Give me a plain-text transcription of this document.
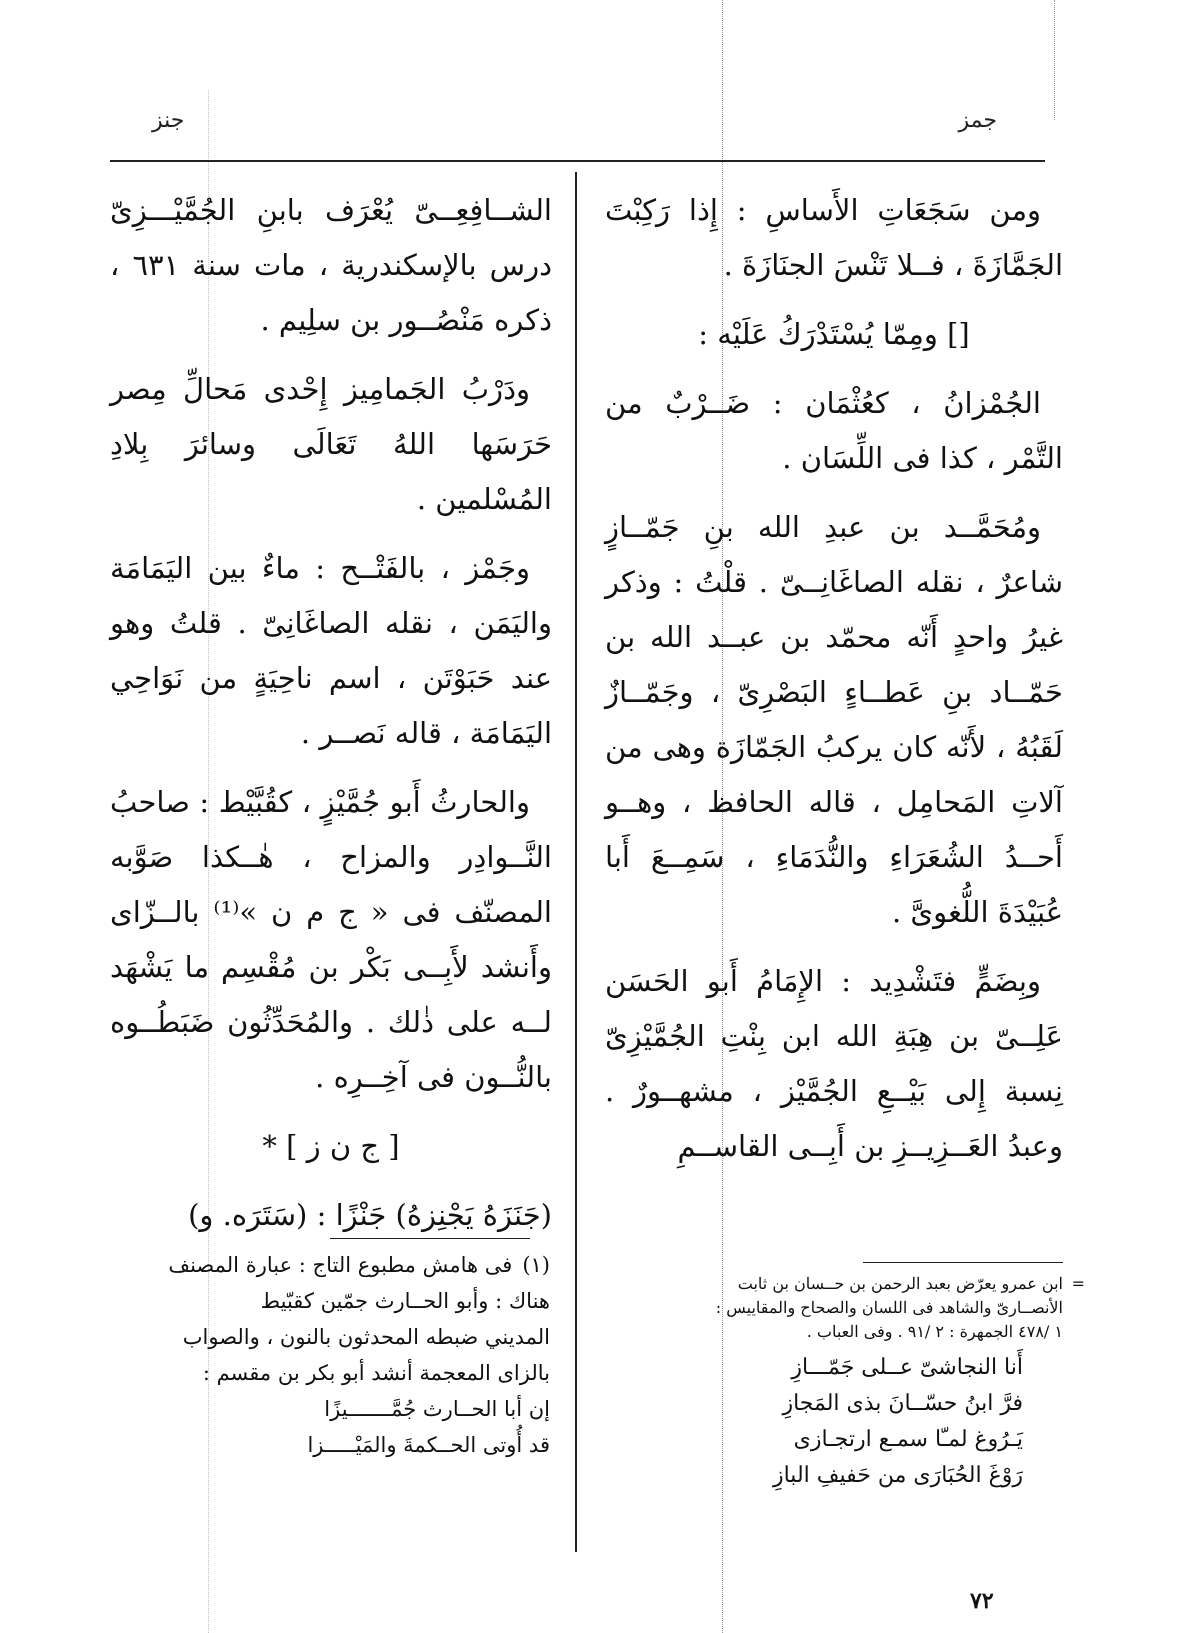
جمز
جنز

ومن سَجَعَاتِ الأَساسِ : إِذا رَكِبْتَ الجَمَّازَةَ ، فــلا تَنْسَ الجنَازَةَ .

[] ومِمّا يُسْتَدْرَكُ عَلَيْه :

الجُمْزانُ ، كعُثْمَان : ضَــرْبٌ من التَّمْر ، كذا فى اللِّسَان .

ومُحَمَّــد بن عبدِ الله بنِ جَمّــازٍ شاعرٌ ، نقله الصاغَانِــىّ . قلْتُ : وذكر غيرُ واحدٍ أَنّه محمّد بن عبــد الله بن حَمّــاد بنِ عَطــاءٍ البَصْرِىّ ، وجَمّــازٌ لَقَبُهُ ، لأَنّه كان يركبُ الجَمّازَة وهى من آلاتِ المَحامِل ، قاله الحافظ ، وهــو أَحــدُ الشُعَرَاءِ والنُّدَمَاءِ ، سَمِــعَ أَبا عُبَيْدَةَ اللُّغوىَّ .

وبِضَمٍّ فتَشْدِيد : الإِمَامُ أَبو الحَسَن عَلِــىّ بن هِبَةِ الله ابن بِنْتِ الجُمَّيْزِىّ نِسبة إِلى بَيْــعِ الجُمَّيْز ، مشهــورٌ . وعبدُ العَــزِيــزِ بن أَبِــى القاســمِ

الشــافِعِــىّ يُعْرَف بابنِ الجُمَّيْـــزِىّ درس بالإسكندرية ، مات سنة ٦٣١ ، ذكره مَنْصُــور بن سلِيم .

ودَرْبُ الجَمامِيز إِحْدى مَحالِّ مِصر حَرَسَها اللهُ تَعَالَى وسائرَ بِلادِ المُسْلمين .

وجَمْز ، بالفَتْــح : ماءٌ بين اليَمَامَة واليَمَن ، نقله الصاغَانِىّ . قلتُ وهو عند حَبَوْتَن ، اسم ناحِيَةٍ من نَوَاحِي اليَمَامَة ، قاله نَصــر .

والحارثُ أَبو جُمَّيْزٍ ، كقُبَّيْط : صاحبُ النَّــوادِر والمزاح ، هٰــكذا صَوَّبه المصنّف فى « ج م ن »⁽¹⁾ بالــزّاى وأَنشد لأَبِــى بَكْر بن مُقْسِم ما يَشْهَد لــه على ذٰلك . والمُحَدِّثُون ضَبَطُــوه بالنُّــون فى آخِــرِه .

[ ج ن ز ] *

(جَنَزَهُ يَجْنِزهُ) جَنْزًا : (سَتَرَه. و)

=
ابن عمرو يعرّض بعبد الرحمن بن حــسان بن ثابت
الأنصــارىّ والشاهد فى اللسان والصحاح والمقاييس :
١ /٤٧٨ الجمهرة : ٢ /٩١ . وفى العباب .
أَنا النجاشىّ عــلى جَمّـــازِ
فرَّ ابنُ حسّــانَ بذى المَجازِ
يَـرُوغ لمـّا سمـع ارتجـازى
رَوْغَ الحُبَارَى من حَفيفِ البازِ
(١)
فى هامش مطبوع التاج : عبارة المصنف
هناك : وأبو الحــارث جمّين كقبّيط
المديني ضبطه المحدثون بالنون ، والصواب
بالزاى المعجمة أنشد أبو بكر بن مقسم :
إن أبا الحــارث جُمَّـــــــيزًا
قد أُوتى الحــكمةَ والمَيْـــــزا
٧٢
